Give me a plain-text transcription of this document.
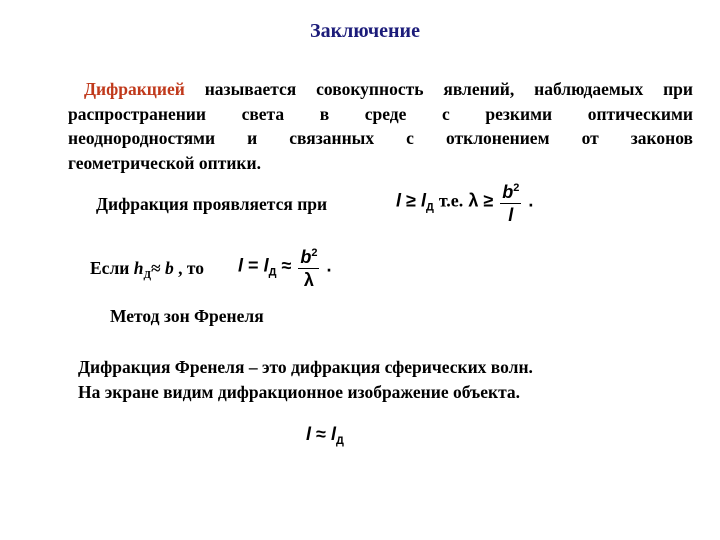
Заключение
Дифракцией называется совокупность явлений, наблюдаемых при
распространении света в среде с резкими оптическими
неоднородностями и связанных с отклонением от законов
геометрической оптики.
Дифракция проявляется при	$l \ge l_Д$ т.е. $\lambda \ge \frac{b^2}{l}$ .
Если $h_Д\approx b$ , то $l = l_Д \approx \frac{b^2}{\lambda}$ .
Метод зон Френеля
Дифракция Френеля – это дифракция сферических волн.
На экране видим дифракционное изображение объекта.
$l \approx l_Д$
